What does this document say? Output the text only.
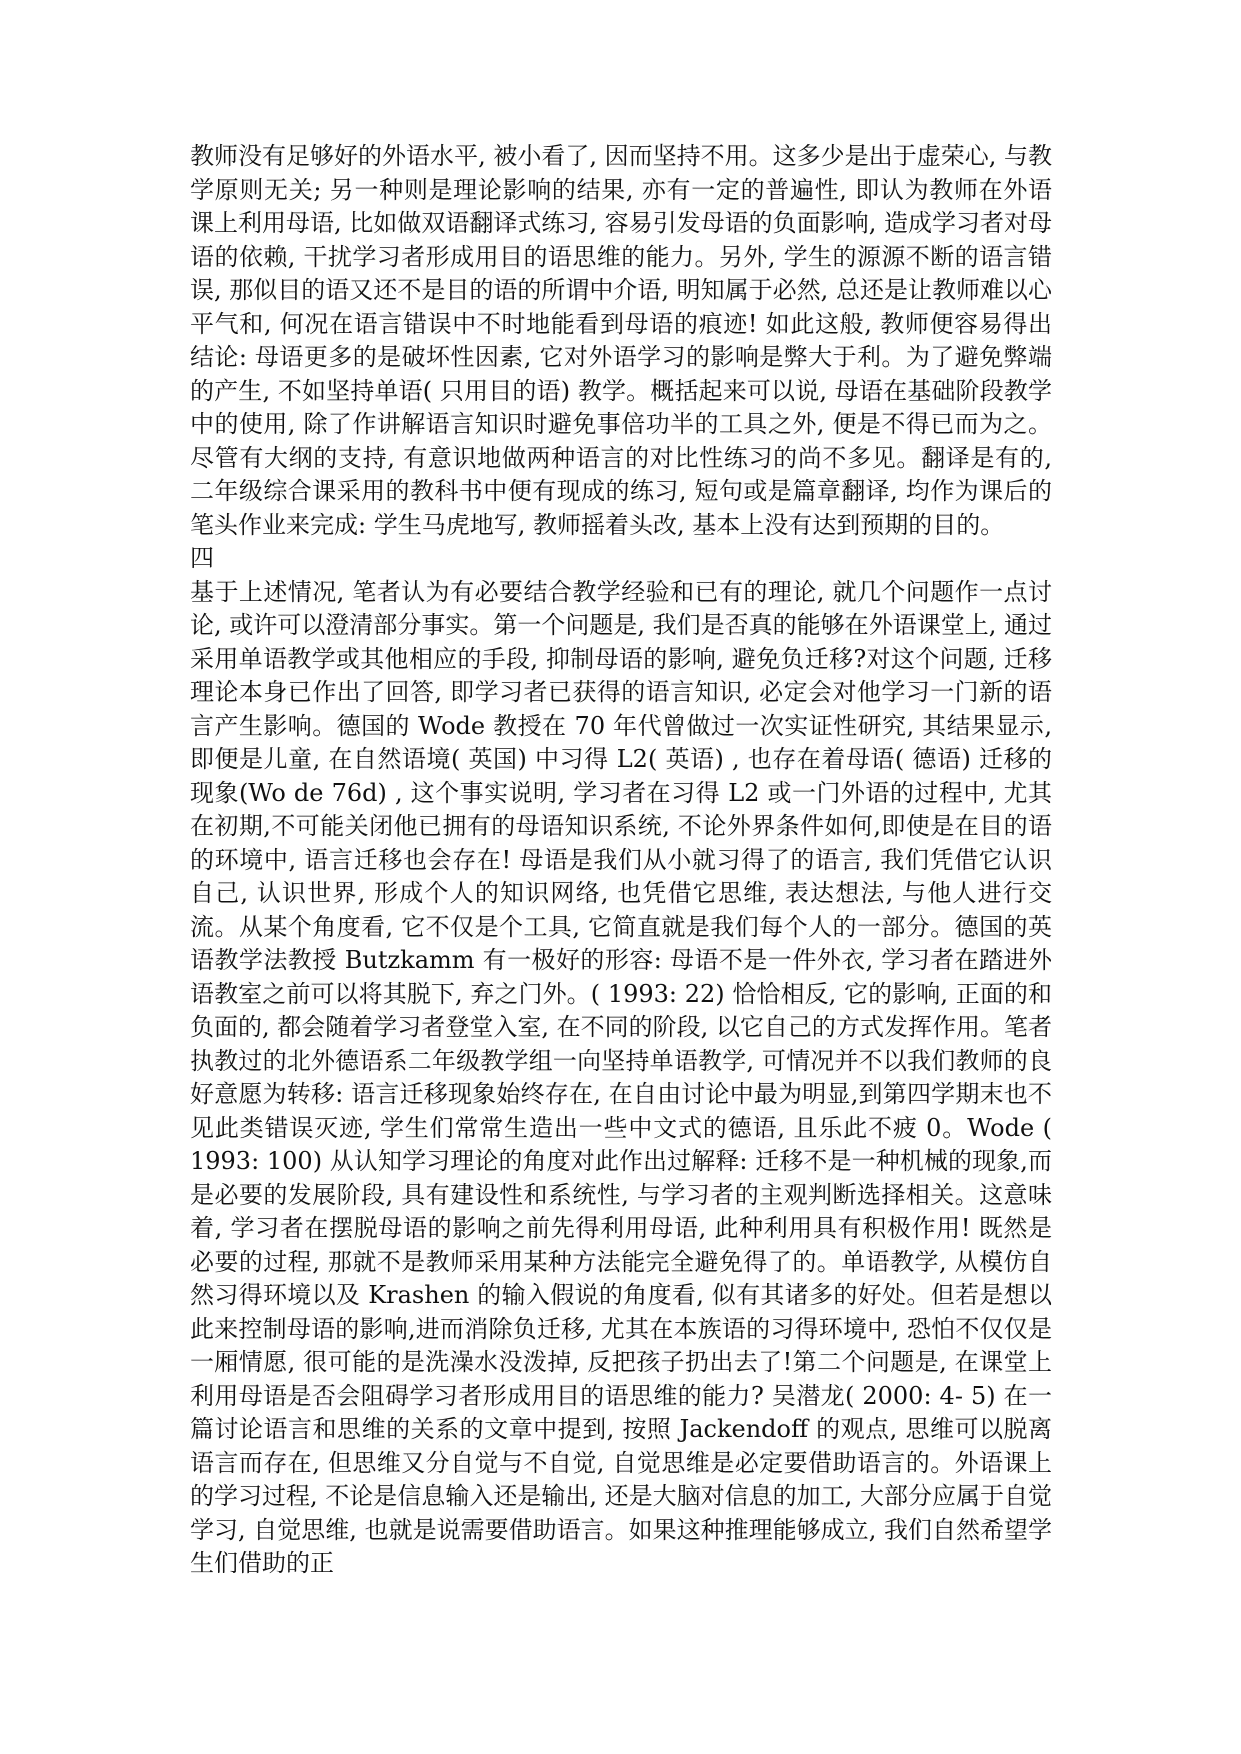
教师没有足够好的外语水平, 被小看了, 因而坚持不用。这多少是出于虚荣心, 与教学原则无关; 另一种则是理论影响的结果, 亦有一定的普遍性, 即认为教师在外语课上利用母语, 比如做双语翻译式练习, 容易引发母语的负面影响, 造成学习者对母语的依赖, 干扰学习者形成用目的语思维的能力。另外, 学生的源源不断的语言错误, 那似目的语又还不是目的语的所谓中介语, 明知属于必然, 总还是让教师难以心平气和, 何况在语言错误中不时地能看到母语的痕迹! 如此这般, 教师便容易得出结论: 母语更多的是破坏性因素, 它对外语学习的影响是弊大于利。为了避免弊端的产生, 不如坚持单语( 只用目的语) 教学。概括起来可以说, 母语在基础阶段教学中的使用, 除了作讲解语言知识时避免事倍功半的工具之外, 便是不得已而为之。尽管有大纲的支持, 有意识地做两种语言的对比性练习的尚不多见。翻译是有的, 二年级综合课采用的教科书中便有现成的练习, 短句或是篇章翻译, 均作为课后的笔头作业来完成: 学生马虎地写, 教师摇着头改, 基本上没有达到预期的目的。

四

基于上述情况, 笔者认为有必要结合教学经验和已有的理论, 就几个问题作一点讨论, 或许可以澄清部分事实。第一个问题是, 我们是否真的能够在外语课堂上, 通过采用单语教学或其他相应的手段, 抑制母语的影响, 避免负迁移?对这个问题, 迁移理论本身已作出了回答, 即学习者已获得的语言知识, 必定会对他学习一门新的语言产生影响。德国的 Wode 教授在 70 年代曾做过一次实证性研究, 其结果显示, 即便是儿童, 在自然语境( 英国) 中习得 L2( 英语) , 也存在着母语( 德语) 迁移的现象(Wo de 76d) , 这个事实说明, 学习者在习得 L2 或一门外语的过程中, 尤其在初期,不可能关闭他已拥有的母语知识系统, 不论外界条件如何,即使是在目的语的环境中, 语言迁移也会存在! 母语是我们从小就习得了的语言, 我们凭借它认识自己, 认识世界, 形成个人的知识网络, 也凭借它思维, 表达想法, 与他人进行交流。从某个角度看, 它不仅是个工具, 它简直就是我们每个人的一部分。德国的英语教学法教授 Butzkamm 有一极好的形容: 母语不是一件外衣, 学习者在踏进外语教室之前可以将其脱下, 弃之门外。( 1993: 22) 恰恰相反, 它的影响, 正面的和负面的, 都会随着学习者登堂入室, 在不同的阶段, 以它自己的方式发挥作用。笔者执教过的北外德语系二年级教学组一向坚持单语教学, 可情况并不以我们教师的良好意愿为转移: 语言迁移现象始终存在, 在自由讨论中最为明显,到第四学期末也不见此类错误灭迹, 学生们常常生造出一些中文式的德语, 且乐此不疲 0。Wode ( 1993: 100) 从认知学习理论的角度对此作出过解释: 迁移不是一种机械的现象,而是必要的发展阶段, 具有建设性和系统性, 与学习者的主观判断选择相关。这意味着, 学习者在摆脱母语的影响之前先得利用母语, 此种利用具有积极作用! 既然是必要的过程, 那就不是教师采用某种方法能完全避免得了的。单语教学, 从模仿自然习得环境以及 Krashen 的输入假说的角度看, 似有其诸多的好处。但若是想以此来控制母语的影响,进而消除负迁移, 尤其在本族语的习得环境中, 恐怕不仅仅是一厢情愿, 很可能的是洗澡水没泼掉, 反把孩子扔出去了!第二个问题是, 在课堂上利用母语是否会阻碍学习者形成用目的语思维的能力? 吴潜龙( 2000: 4- 5) 在一篇讨论语言和思维的关系的文章中提到, 按照 Jackendoff 的观点, 思维可以脱离语言而存在, 但思维又分自觉与不自觉, 自觉思维是必定要借助语言的。外语课上的学习过程, 不论是信息输入还是输出, 还是大脑对信息的加工, 大部分应属于自觉学习, 自觉思维, 也就是说需要借助语言。如果这种推理能够成立, 我们自然希望学生们借助的正
